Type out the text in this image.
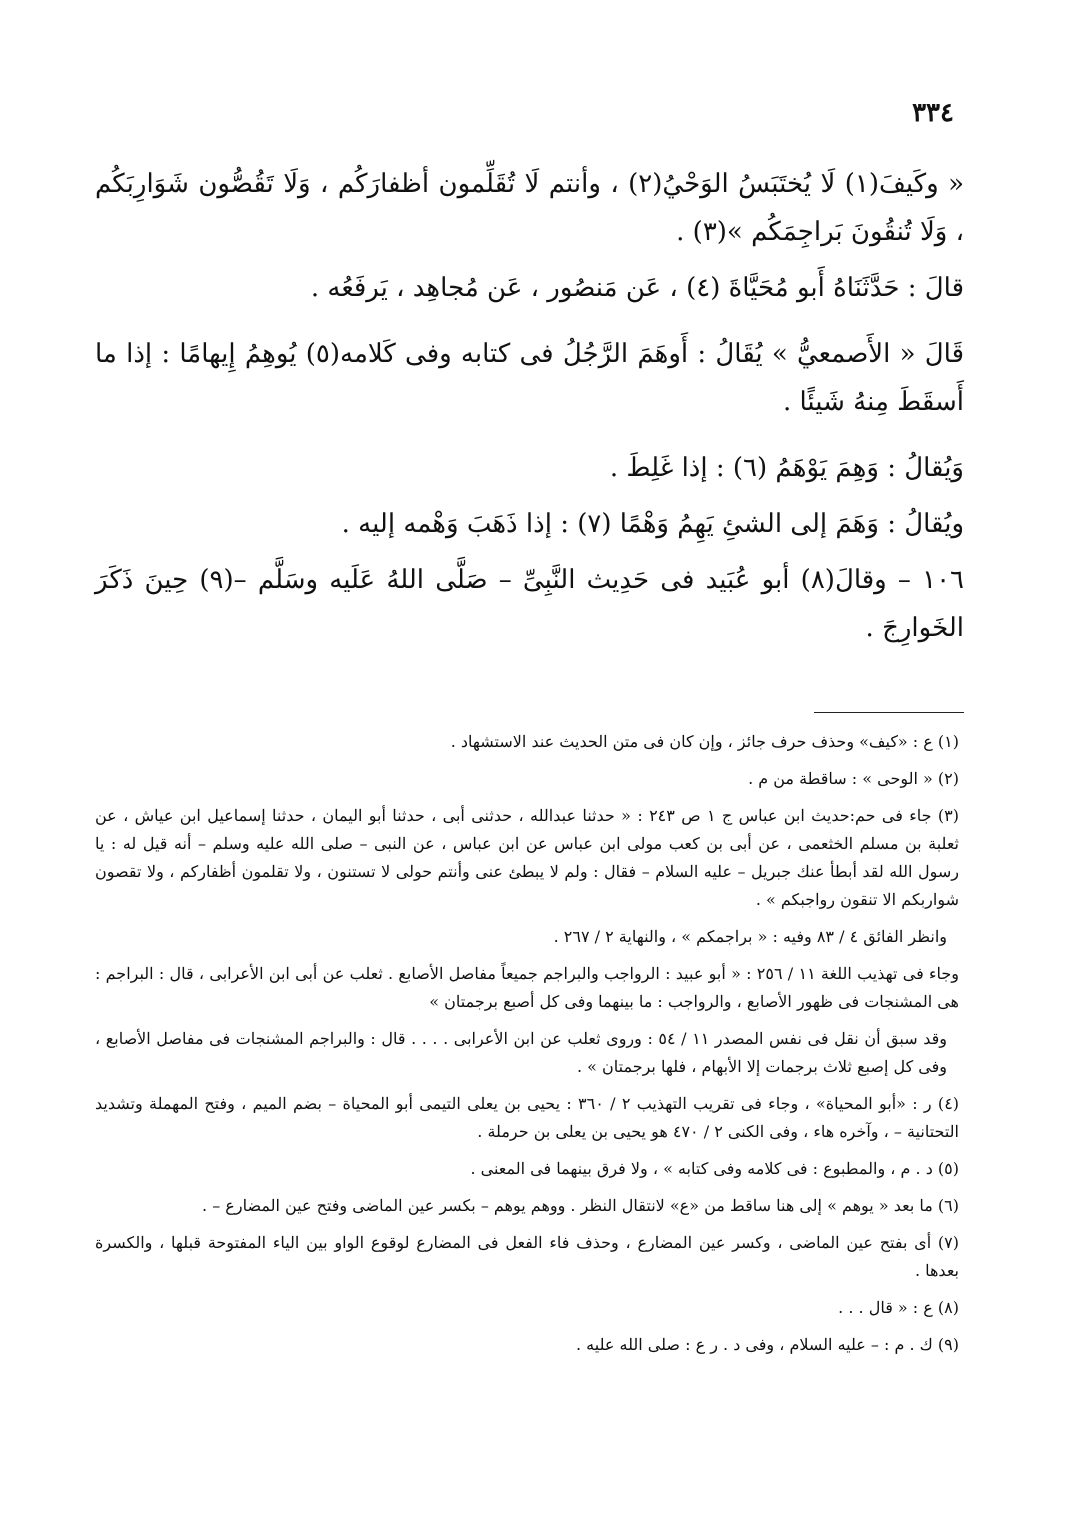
٣٣٤

« وكَيفَ(١) لَا يُختَبَسُ الوَحْيُ(٢) ، وأنتم لَا تُقَلِّمون أظفارَكُم ، وَلَا تَقُصُّون شَوَارِبَكُم ، وَلَا تُنقُونَ بَراجِمَكُم »(٣) .

قالَ : حَدَّثَنَاهُ أَبو مُحَيَّاةَ (٤) ، عَن مَنصُور ، عَن مُجاهِد ، يَرفَعُه .

قَالَ « الأَصمعيُّ » يُقَالُ : أَوهَمَ الرَّجُلُ فى كتابه وفى كَلامه(٥) يُوهِمُ إِيهامًا : إذا ما أَسقَطَ مِنهُ شَيئًا .

وَيُقالُ : وَهِمَ يَوْهَمُ (٦) : إذا غَلِطَ .

ويُقالُ : وَهَمَ إلى الشئِ يَهِمُ وَهْمًا (٧) : إذا ذَهَبَ وَهْمه إليه .

١٠٦ – وقالَ(٨) أبو عُبَيد فى حَدِيث النَّبِىِّ – صَلَّى اللهُ عَلَيه وسَلَّم –(٩) حِينَ ذَكَرَ الخَوارِجَ .

(١) ع : «كيف» وحذف حرف جائز ، وإن كان فى متن الحديث عند الاستشهاد .

(٢) « الوحى » : ساقطة من م .

(٣) جاء فى حم:حديث ابن عباس ج ١ ص ٢٤٣ : « حدثنا عبدالله ، حدثنى أبى ، حدثنا أبو اليمان ، حدثنا إسماعيل ابن عياش ، عن ثعلبة بن مسلم الخثعمى ، عن أبى بن كعب مولى ابن عباس عن ابن عباس ، عن النبى – صلى الله عليه وسلم – أنه قيل له : يا رسول الله لقد أبطأ عنك جبريل – عليه السلام – فقال : ولم لا يبطئ عنى وأنتم حولى لا تستنون ، ولا تقلمون أظفاركم ، ولا تقصون شواربكم الا تنقون رواجبكم » .

وانظر الفائق ٤ / ٨٣ وفيه : « براجمكم » ، والنهاية ٢ / ٢٦٧ .

وجاء فى تهذيب اللغة ١١ / ٢٥٦ : « أبو عبيد : الرواجب والبراجم جميعاً مفاصل الأصابع . ثعلب عن أبى ابن الأعرابى ، قال : البراجم : هى المشنجات فى ظهور الأصابع ، والرواجب : ما بينهما وفى كل أصبع برجمتان »

وقد سبق أن نقل فى نفس المصدر ١١ / ٥٤ : وروى ثعلب عن ابن الأعرابى . . . . قال : والبراجم المشنجات فى مفاصل الأصابع ، وفى كل إصبع ثلاث برجمات إلا الأبهام ، فلها برجمتان » .

(٤) ر : «أبو المحياة» ، وجاء فى تقريب التهذيب ٢ / ٣٦٠ : يحيى بن يعلى التيمى أبو المحياة – بضم الميم ، وفتح المهملة وتشديد التحتانية – ، وآخره هاء ، وفى الكنى ٢ / ٤٧٠ هو يحيى بن يعلى بن حرملة .

(٥) د . م ، والمطبوع : فى كلامه وفى كتابه » ، ولا فرق بينهما فى المعنى .

(٦) ما بعد « يوهم » إلى هنا ساقط من «ع» لانتقال النظر . ووهم يوهم – بكسر عين الماضى وفتح عين المضارع – .

(٧) أى بفتح عين الماضى ، وكسر عين المضارع ، وحذف فاء الفعل فى المضارع لوقوع الواو بين الياء المفتوحة قبلها ، والكسرة بعدها .

(٨) ع : « قال . . .

(٩) ك . م : – عليه السلام ، وفى د . ر ع : صلى الله عليه .
